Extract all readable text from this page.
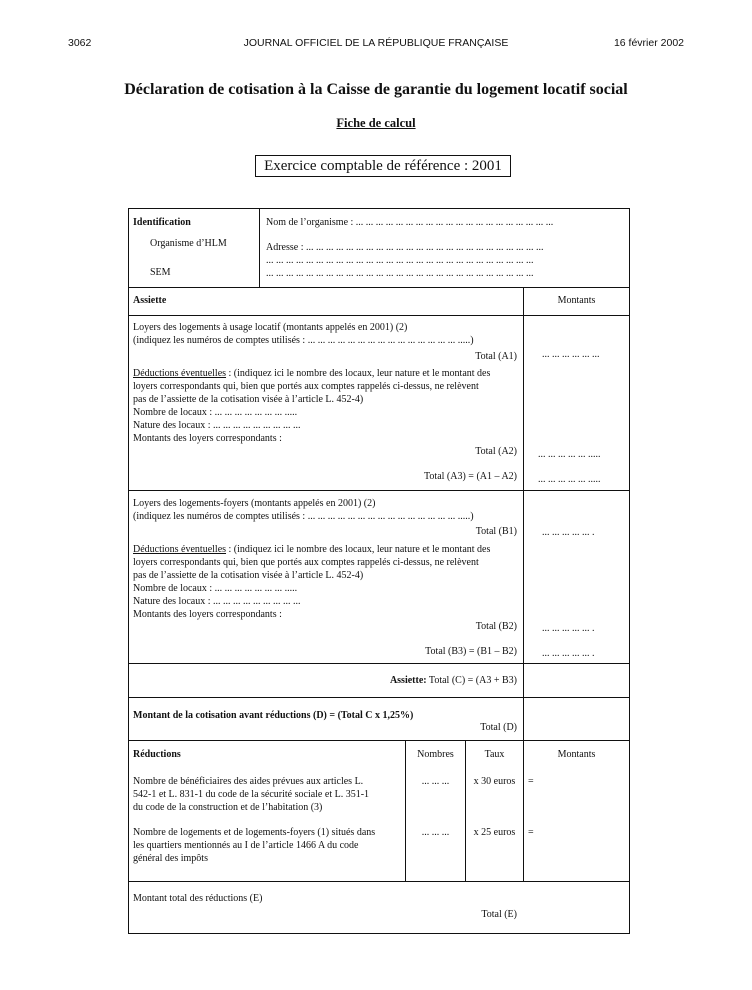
3062	JOURNAL OFFICIEL DE LA RÉPUBLIQUE FRANÇAISE	16 février 2002
Déclaration de cotisation à la Caisse de garantie du logement locatif social
Fiche de calcul
Exercice comptable de référence : 2001
Identification
Organisme d’HLM
SEM
Nom de l’organisme : ... ... ... ... ... ... ... ... ... ... ... ... ... ... ... ... ... ... ... ...
Adresse : ... ... ... ... ... ... ... ... ... ... ... ... ... ... ... ... ... ... ... ... ... ... ... ...
... ... ... ... ... ... ... ... ... ... ... ... ... ... ... ... ... ... ... ... ... ... ... ... ... ... ...
... ... ... ... ... ... ... ... ... ... ... ... ... ... ... ... ... ... ... ... ... ... ... ... ... ... ...
Assiette	Montants
Loyers des logements à usage locatif (montants appelés en 2001) (2)
(indiquez les numéros de comptes utilisés : ... ... ... ... ... ... ... ... ... ... ... ... ... ... ... .....)
Total (A1)	... ... ... ... ... ...
Déductions éventuelles : (indiquez ici le nombre des locaux, leur nature et le montant des
loyers correspondants qui, bien que portés aux comptes rappelés ci-dessus, ne relèvent
pas de l’assiette de la cotisation visée à l’article L. 452-4)
Nombre de locaux : ... ... ... ... ... ... ... .....
Nature des locaux : ... ... ... ... ... ... ... ... ...
Montants des loyers correspondants :
Total (A2) ... ... ... ... ... .....
Total (A3) = (A1 – A2) ... ... ... ... ... .....
Loyers des logements-foyers (montants appelés en 2001) (2)
(indiquez les numéros de comptes utilisés : ... ... ... ... ... ... ... ... ... ... ... ... ... ... ... .....)
Total (B1)	... ... ... ... ... .
Déductions éventuelles : (indiquez ici le nombre des locaux, leur nature et le montant des
loyers correspondants qui, bien que portés aux comptes rappelés ci-dessus, ne relèvent
pas de l’assiette de la cotisation visée à l’article L. 452-4)
Nombre de locaux : ... ... ... ... ... ... ... .....
Nature des locaux : ... ... ... ... ... ... ... ... ...
Montants des loyers correspondants :
Total (B2)	... ... ... ... ... .
Total (B3) = (B1 – B2)	... ... ... ... ... .
Assiette: Total (C) = (A3 + B3)
Montant de la cotisation avant réductions (D) = (Total C x 1,25%)
Total (D)
Réductions	Nombres	Taux	Montants
Nombre de bénéficiaires des aides prévues aux articles L.
542-1 et L. 831-1 du code de la sécurité sociale et L. 351-1
du code de la construction et de l’habitation (3)
... ... ...	x 30 euros	=
Nombre de logements et de logements-foyers (1) situés dans
les quartiers mentionnés au I de l’article 1466 A du code
général des impôts
... ... ...	x 25 euros	=
Montant total des réductions (E)
Total (E)
